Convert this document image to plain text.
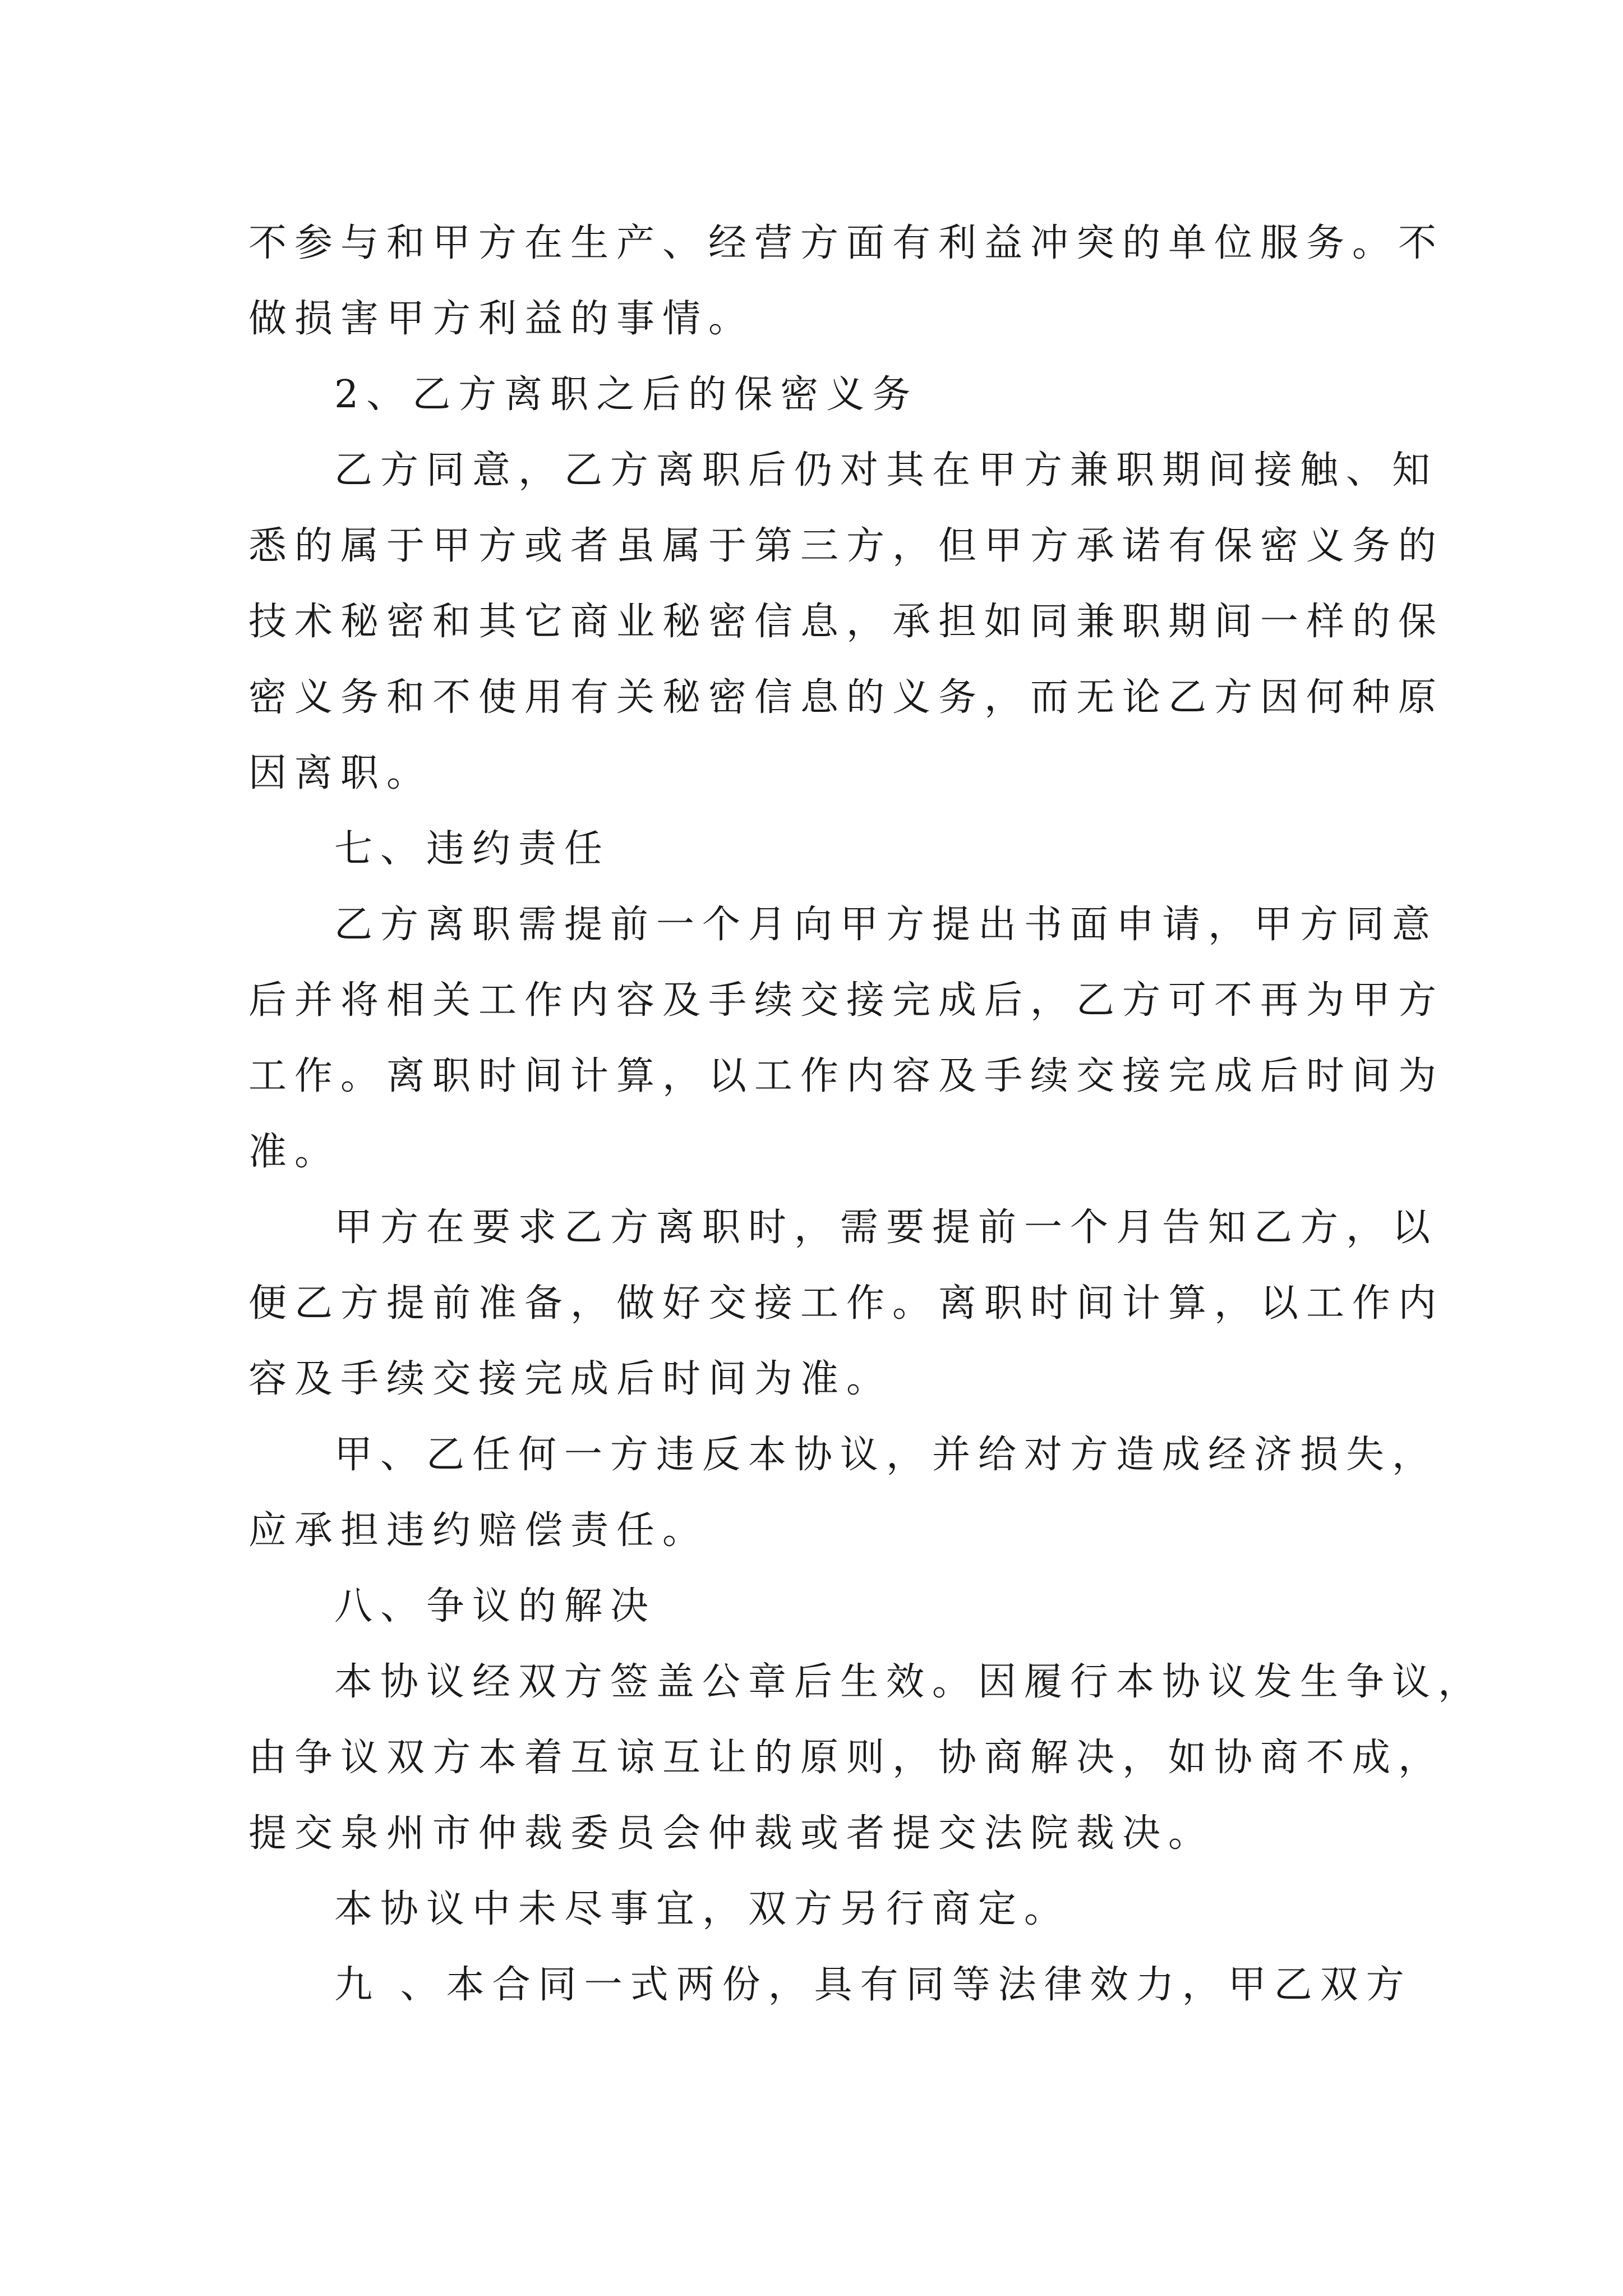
不参与和甲方在生产、经营方面有利益冲突的单位服务。不
做损害甲方利益的事情。
2、乙方离职之后的保密义务
乙方同意，乙方离职后仍对其在甲方兼职期间接触、知
悉的属于甲方或者虽属于第三方，但甲方承诺有保密义务的
技术秘密和其它商业秘密信息，承担如同兼职期间一样的保
密义务和不使用有关秘密信息的义务，而无论乙方因何种原
因离职。
七、违约责任
乙方离职需提前一个月向甲方提出书面申请，甲方同意
后并将相关工作内容及手续交接完成后，乙方可不再为甲方
工作。离职时间计算，以工作内容及手续交接完成后时间为
准。
甲方在要求乙方离职时，需要提前一个月告知乙方，以
便乙方提前准备，做好交接工作。离职时间计算，以工作内
容及手续交接完成后时间为准。
甲、乙任何一方违反本协议，并给对方造成经济损失，
应承担违约赔偿责任。
八、争议的解决
本协议经双方签盖公章后生效。因履行本协议发生争议，
由争议双方本着互谅互让的原则，协商解决，如协商不成，
提交泉州市仲裁委员会仲裁或者提交法院裁决。
本协议中未尽事宜，双方另行商定。
九 、本合同一式两份，具有同等法律效力，甲乙双方
